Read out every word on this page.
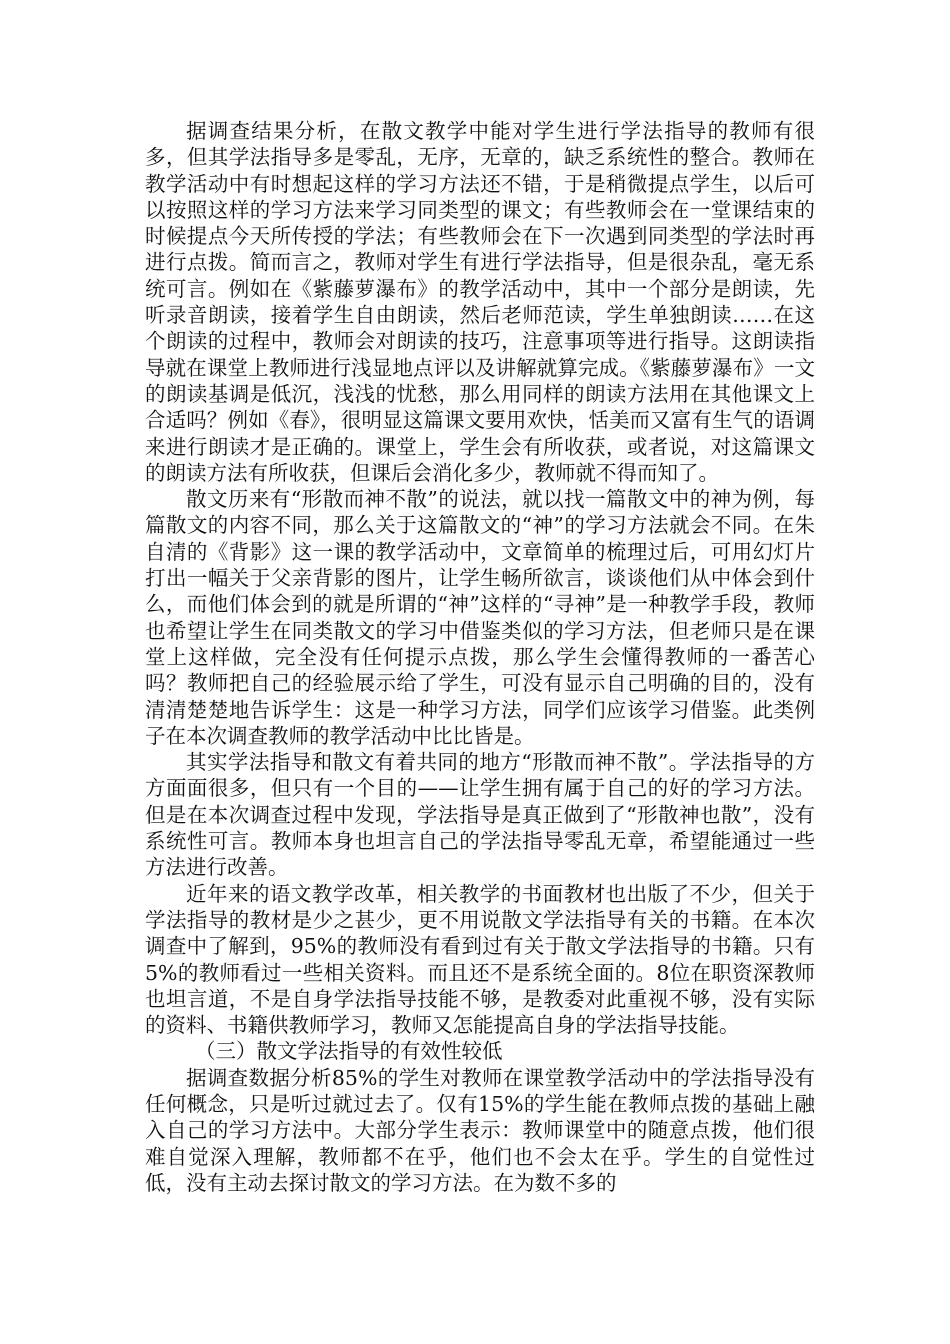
据调查结果分析，在散文教学中能对学生进行学法指导的教师有很多，但其学法指导多是零乱，无序，无章的，缺乏系统性的整合。教师在教学活动中有时想起这样的学习方法还不错，于是稍微提点学生，以后可以按照这样的学习方法来学习同类型的课文；有些教师会在一堂课结束的时候提点今天所传授的学法；有些教师会在下一次遇到同类型的学法时再进行点拨。简而言之，教师对学生有进行学法指导，但是很杂乱，毫无系统可言。例如在《紫藤萝瀑布》的教学活动中，其中一个部分是朗读，先听录音朗读，接着学生自由朗读，然后老师范读，学生单独朗读……在这个朗读的过程中，教师会对朗读的技巧，注意事项等进行指导。这朗读指导就在课堂上教师进行浅显地点评以及讲解就算完成。《紫藤萝瀑布》一文的朗读基调是低沉，浅浅的忧愁，那么用同样的朗读方法用在其他课文上合适吗？例如《春》，很明显这篇课文要用欢快，恬美而又富有生气的语调来进行朗读才是正确的。课堂上，学生会有所收获，或者说，对这篇课文的朗读方法有所收获，但课后会消化多少，教师就不得而知了。

散文历来有“形散而神不散”的说法，就以找一篇散文中的神为例，每篇散文的内容不同，那么关于这篇散文的“神”的学习方法就会不同。在朱自清的《背影》这一课的教学活动中，文章简单的梳理过后，可用幻灯片打出一幅关于父亲背影的图片，让学生畅所欲言，谈谈他们从中体会到什么，而他们体会到的就是所谓的“神”这样的“寻神”是一种教学手段，教师也希望让学生在同类散文的学习中借鉴类似的学习方法，但老师只是在课堂上这样做，完全没有任何提示点拨，那么学生会懂得教师的一番苦心吗？教师把自己的经验展示给了学生，可没有显示自己明确的目的，没有清清楚楚地告诉学生：这是一种学习方法，同学们应该学习借鉴。此类例子在本次调查教师的教学活动中比比皆是。

其实学法指导和散文有着共同的地方“形散而神不散”。学法指导的方方面面很多，但只有一个目的——让学生拥有属于自己的好的学习方法。但是在本次调查过程中发现，学法指导是真正做到了“形散神也散”，没有系统性可言。教师本身也坦言自己的学法指导零乱无章，希望能通过一些方法进行改善。

近年来的语文教学改革，相关教学的书面教材也出版了不少，但关于学法指导的教材是少之甚少，更不用说散文学法指导有关的书籍。在本次调查中了解到，95%的教师没有看到过有关于散文学法指导的书籍。只有5%的教师看过一些相关资料。而且还不是系统全面的。8位在职资深教师也坦言道，不是自身学法指导技能不够，是教委对此重视不够，没有实际的资料、书籍供教师学习，教师又怎能提高自身的学法指导技能。

（三）散文学法指导的有效性较低

据调查数据分析85%的学生对教师在课堂教学活动中的学法指导没有任何概念，只是听过就过去了。仅有15%的学生能在教师点拨的基础上融入自己的学习方法中。大部分学生表示：教师课堂中的随意点拨，他们很难自觉深入理解，教师都不在乎，他们也不会太在乎。学生的自觉性过低，没有主动去探讨散文的学习方法。在为数不多的
